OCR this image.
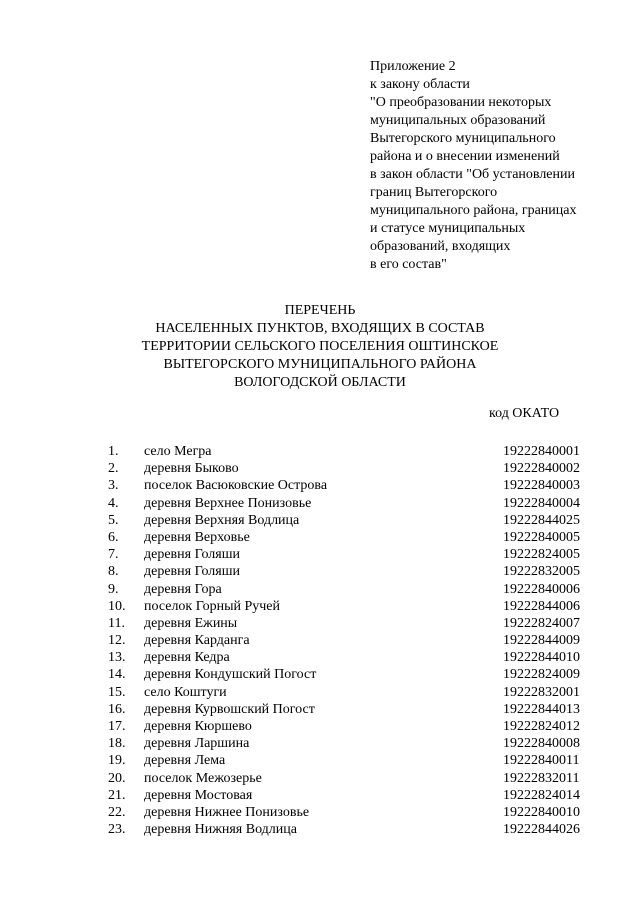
Приложение 2
к закону области
"О преобразовании некоторых
муниципальных образований
Вытегорского муниципального
района и о внесении изменений
в закон области "Об установлении
границ Вытегорского
муниципального района, границах
и статусе муниципальных
образований, входящих
в его состав"
ПЕРЕЧЕНЬ
НАСЕЛЕННЫХ ПУНКТОВ, ВХОДЯЩИХ В СОСТАВ
ТЕРРИТОРИИ СЕЛЬСКОГО ПОСЕЛЕНИЯ ОШТИНСКОЕ
ВЫТЕГОРСКОГО МУНИЦИПАЛЬНОГО РАЙОНА
ВОЛОГОДСКОЙ ОБЛАСТИ
код ОКАТО
1. село Мегра	19222840001
2. деревня Быково	19222840002
3. поселок Васюковские Острова	19222840003
4. деревня Верхнее Понизовье	19222840004
5. деревня Верхняя Водлица	19222844025
6. деревня Верховье	19222840005
7. деревня Голяши	19222824005
8. деревня Голяши	19222832005
9. деревня Гора	19222840006
10. поселок Горный Ручей	19222844006
11. деревня Ежины	19222824007
12. деревня Карданга	19222844009
13. деревня Кедра	19222844010
14. деревня Кондушский Погост	19222824009
15. село Коштуги	19222832001
16. деревня Курвошский Погост	19222844013
17. деревня Кюршево	19222824012
18. деревня Ларшина	19222840008
19. деревня Лема	19222840011
20. поселок Межозерье	19222832011
21. деревня Мостовая	19222824014
22. деревня Нижнее Понизовье	19222840010
23. деревня Нижняя Водлица	19222844026
